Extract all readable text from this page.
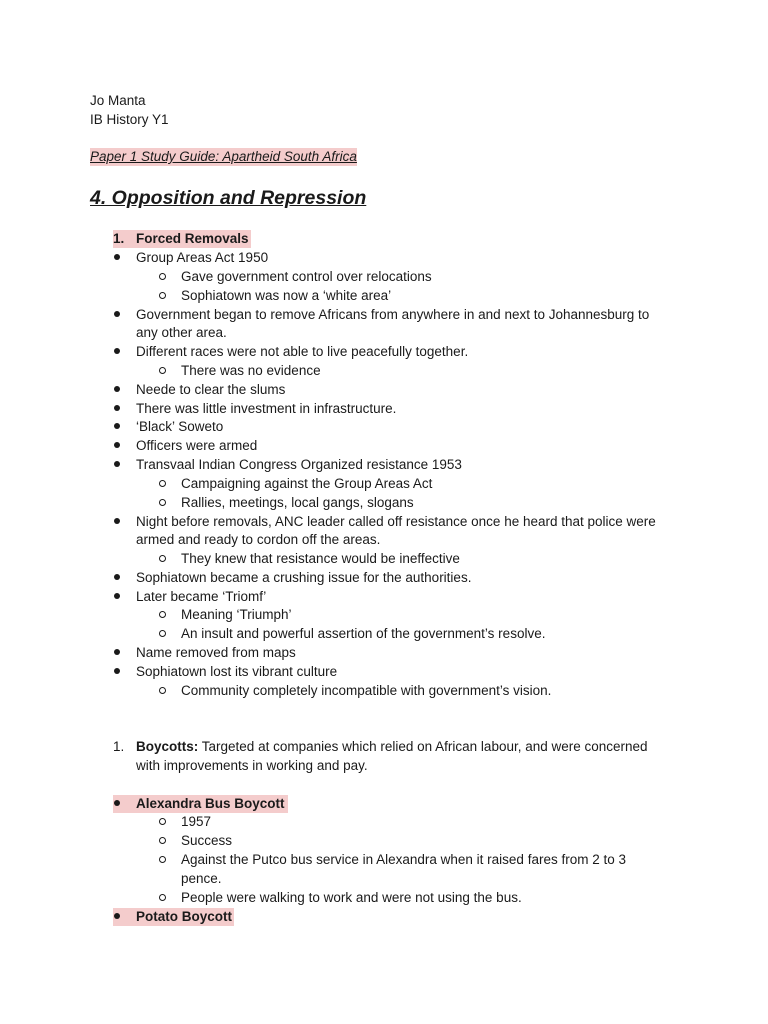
Jo Manta
IB History Y1
Paper 1 Study Guide: Apartheid South Africa
4. Opposition and Repression
1. Forced Removals
Group Areas Act 1950
Gave government control over relocations
Sophiatown was now a ‘white area’
Government began to remove Africans from anywhere in and next to Johannesburg to
any other area.
Different races were not able to live peacefully together.
There was no evidence
Neede to clear the slums
There was little investment in infrastructure.
‘Black’ Soweto
Officers were armed
Transvaal Indian Congress Organized resistance 1953
Campaigning against the Group Areas Act
Rallies, meetings, local gangs, slogans
Night before removals, ANC leader called off resistance once he heard that police were
armed and ready to cordon off the areas.
They knew that resistance would be ineffective
Sophiatown became a crushing issue for the authorities.
Later became ‘Triomf’
Meaning ‘Triumph’
An insult and powerful assertion of the government’s resolve.
Name removed from maps
Sophiatown lost its vibrant culture
Community completely incompatible with government’s vision.
1. Boycotts: Targeted at companies which relied on African labour, and were concerned
with improvements in working and pay.
Alexandra Bus Boycott
1957
Success
Against the Putco bus service in Alexandra when it raised fares from 2 to 3
pence.
People were walking to work and were not using the bus.
Potato Boycott
